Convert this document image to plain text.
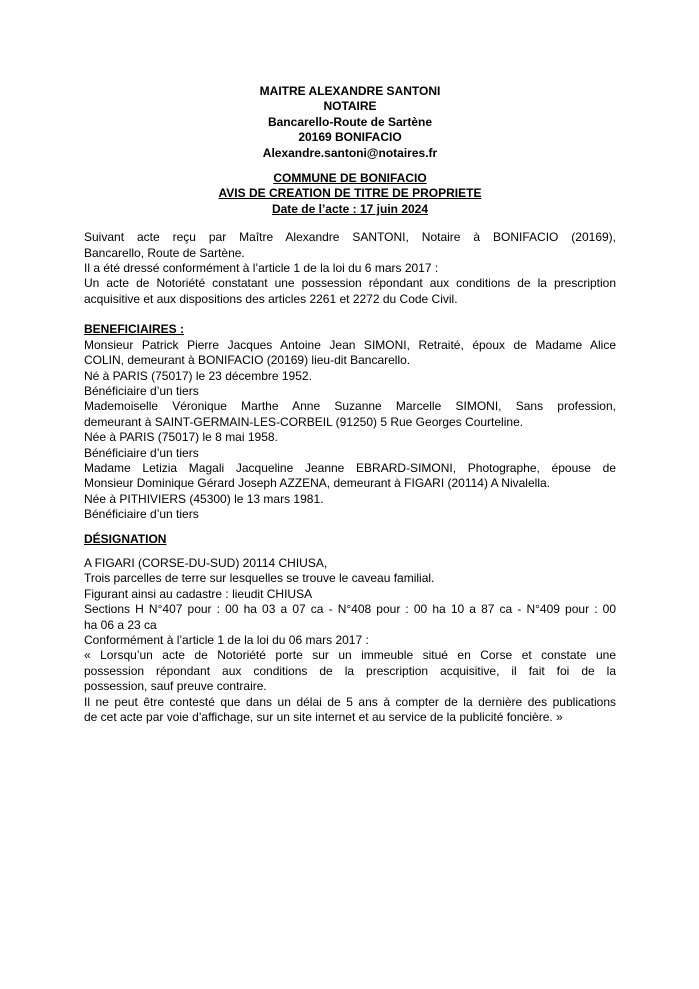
MAITRE ALEXANDRE SANTONI
NOTAIRE
Bancarello-Route de Sartène
20169 BONIFACIO
Alexandre.santoni@notaires.fr
COMMUNE DE BONIFACIO
AVIS DE CREATION DE TITRE DE PROPRIETE
Date de l’acte : 17 juin 2024
Suivant acte reçu par Maître Alexandre SANTONI, Notaire à BONIFACIO (20169),
Bancarello, Route de Sartène.
Il a été dressé conformément à l’article 1 de la loi du 6 mars 2017 :
Un acte de Notoriété constatant une possession répondant aux conditions de la prescription
acquisitive et aux dispositions des articles 2261 et 2272 du Code Civil.
BENEFICIAIRES :
Monsieur Patrick Pierre Jacques Antoine Jean SIMONI, Retraité, époux de Madame Alice
COLIN, demeurant à BONIFACIO (20169) lieu-dit Bancarello.
Né à PARIS (75017) le 23 décembre 1952.
Bénéficiaire d’un tiers
Mademoiselle Véronique Marthe Anne Suzanne Marcelle SIMONI, Sans profession,
demeurant à SAINT-GERMAIN-LES-CORBEIL (91250) 5 Rue Georges Courteline.
Née à PARIS (75017) le 8 mai 1958.
Bénéficiaire d’un tiers
Madame Letizia Magali Jacqueline Jeanne EBRARD-SIMONI, Photographe, épouse de
Monsieur Dominique Gérard Joseph AZZENA, demeurant à FIGARI (20114) A Nivalella.
Née à PITHIVIERS (45300) le 13 mars 1981.
Bénéficiaire d’un tiers
DÉSIGNATION
A FIGARI (CORSE-DU-SUD) 20114 CHIUSA,
Trois parcelles de terre sur lesquelles se trouve le caveau familial.
Figurant ainsi au cadastre : lieudit CHIUSA
Sections H N°407 pour : 00 ha 03 a 07 ca - N°408 pour : 00 ha 10 a 87 ca - N°409 pour : 00
ha 06 a 23 ca
Conformément à l’article 1 de la loi du 06 mars 2017 :
« Lorsqu’un acte de Notoriété porte sur un immeuble situé en Corse et constate une
possession répondant aux conditions de la prescription acquisitive, il fait foi de la
possession, sauf preuve contraire.
Il ne peut être contesté que dans un délai de 5 ans à compter de la dernière des publications
de cet acte par voie d’affichage, sur un site internet et au service de la publicité foncière. »
